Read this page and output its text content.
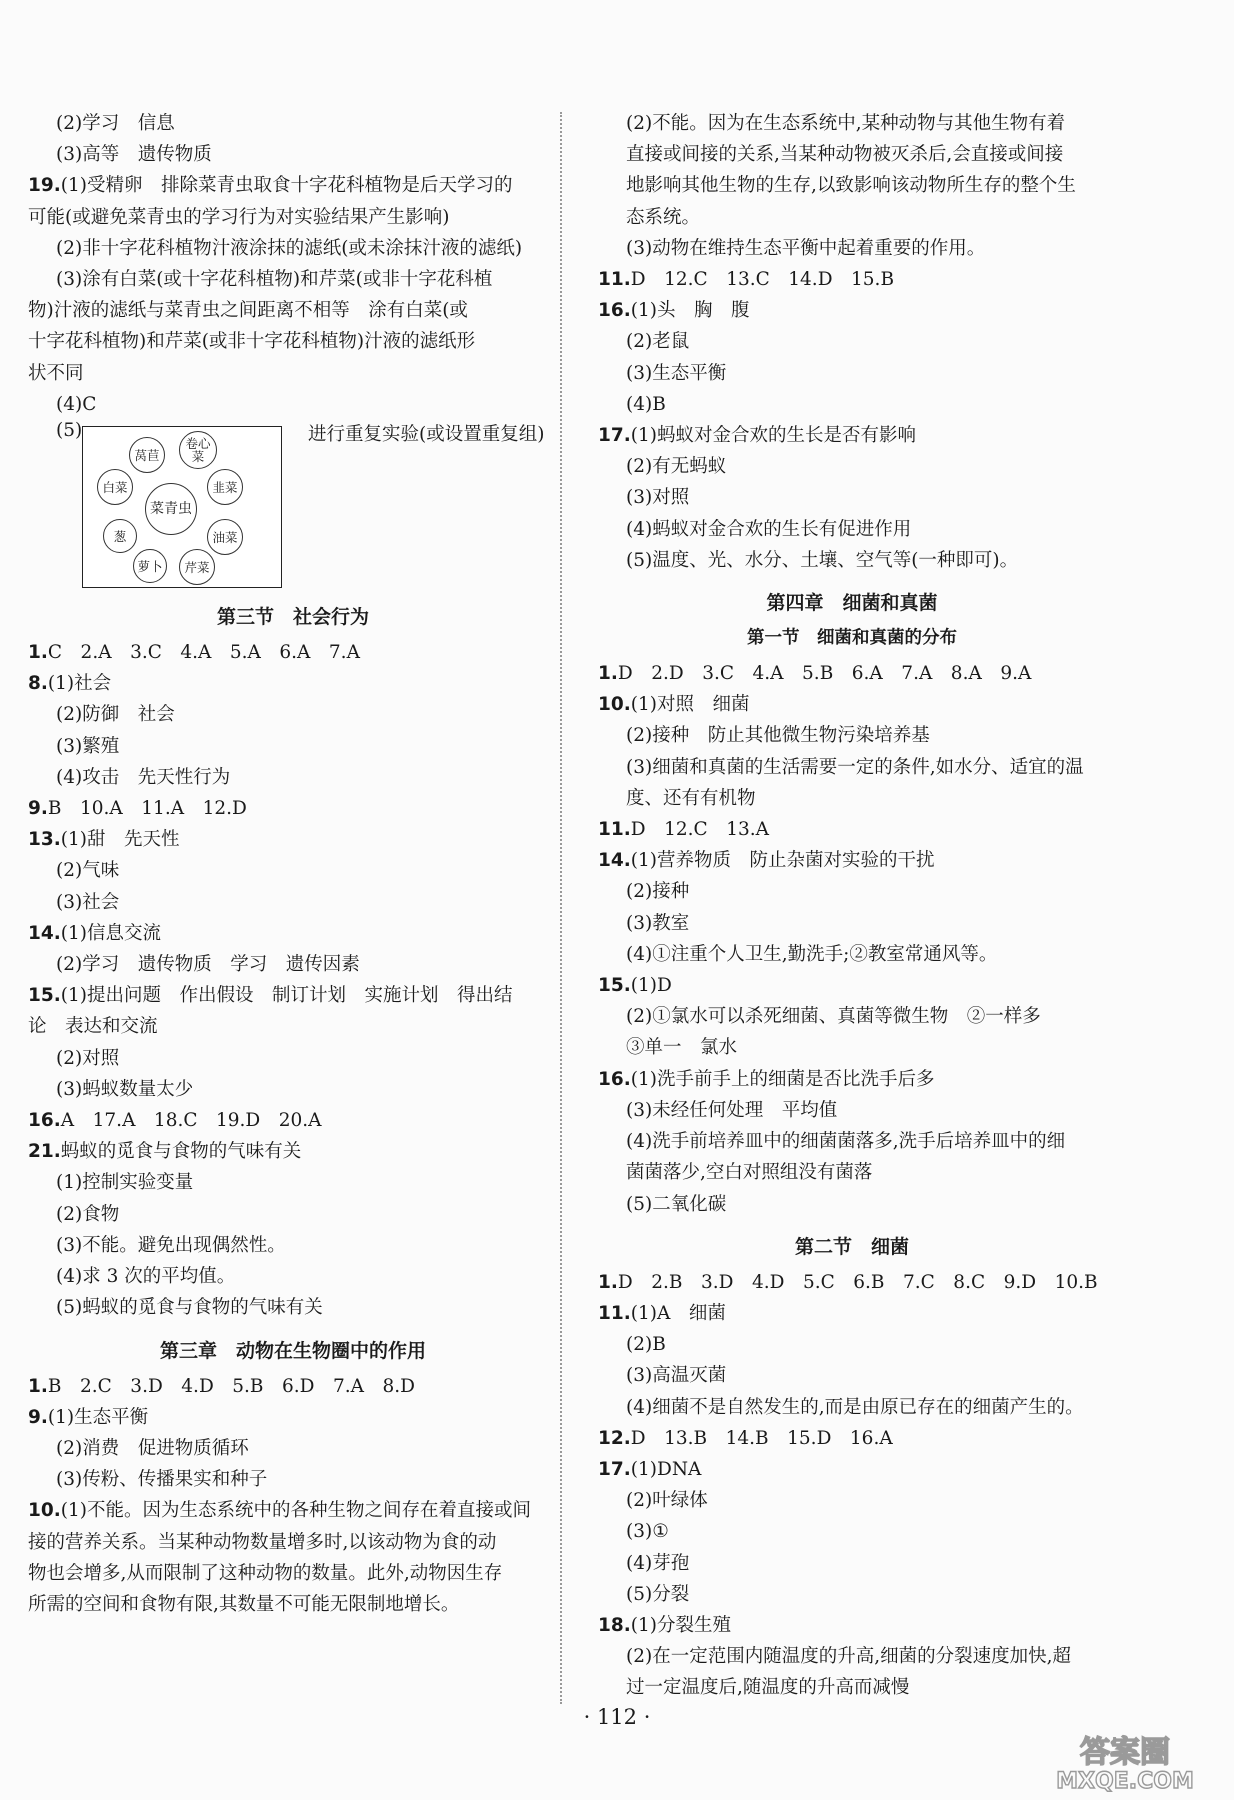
(2)学习　信息
(3)高等　遗传物质
19.(1)受精卵　排除菜青虫取食十字花科植物是后天学习的
可能(或避免菜青虫的学习行为对实验结果产生影响)
(2)非十字花科植物汁液涂抹的滤纸(或未涂抹汁液的滤纸)
(3)涂有白菜(或十字花科植物)和芹菜(或非十字花科植
物)汁液的滤纸与菜青虫之间距离不相等　涂有白菜(或
十字花科植物)和芹菜(或非十字花科植物)汁液的滤纸形
状不同
(4)C
(5)
菜青虫
莴苣
卷心菜
白菜	韭菜
葱	油菜
萝卜	芹菜
进行重复实验(或设置重复组)
第三节　社会行为
1.C　2.A　3.C　4.A　5.A　6.A　7.A
8.(1)社会
(2)防御　社会
(3)繁殖
(4)攻击　先天性行为
9.B　10.A　11.A　12.D
13.(1)甜　先天性
(2)气味
(3)社会
14.(1)信息交流
(2)学习　遗传物质　学习　遗传因素
15.(1)提出问题　作出假设　制订计划　实施计划　得出结
论　表达和交流
(2)对照
(3)蚂蚁数量太少
16.A　17.A　18.C　19.D　20.A
21.蚂蚁的觅食与食物的气味有关
(1)控制实验变量
(2)食物
(3)不能。避免出现偶然性。
(4)求 3 次的平均值。
(5)蚂蚁的觅食与食物的气味有关
第三章　动物在生物圈中的作用
1.B　2.C　3.D　4.D　5.B　6.D　7.A　8.D
9.(1)生态平衡
(2)消费　促进物质循环
(3)传粉、传播果实和种子
10.(1)不能。因为生态系统中的各种生物之间存在着直接或间
接的营养关系。当某种动物数量增多时,以该动物为食的动
物也会增多,从而限制了这种动物的数量。此外,动物因生存
所需的空间和食物有限,其数量不可能无限制地增长。
(2)不能。因为在生态系统中,某种动物与其他生物有着
直接或间接的关系,当某种动物被灭杀后,会直接或间接
地影响其他生物的生存,以致影响该动物所生存的整个生
态系统。
(3)动物在维持生态平衡中起着重要的作用。
11.D　12.C　13.C　14.D　15.B
16.(1)头　胸　腹
(2)老鼠
(3)生态平衡
(4)B
17.(1)蚂蚁对金合欢的生长是否有影响
(2)有无蚂蚁
(3)对照
(4)蚂蚁对金合欢的生长有促进作用
(5)温度、光、水分、土壤、空气等(一种即可)。
第四章　细菌和真菌
第一节　细菌和真菌的分布
1.D　2.D　3.C　4.A　5.B　6.A　7.A　8.A　9.A
10.(1)对照　细菌
(2)接种　防止其他微生物污染培养基
(3)细菌和真菌的生活需要一定的条件,如水分、适宜的温
度、还有有机物
11.D　12.C　13.A
14.(1)营养物质　防止杂菌对实验的干扰
(2)接种
(3)教室
(4)①注重个人卫生,勤洗手;②教室常通风等。
15.(1)D
(2)①氯水可以杀死细菌、真菌等微生物　②一样多
③单一　氯水
16.(1)洗手前手上的细菌是否比洗手后多
(3)未经任何处理　平均值
(4)洗手前培养皿中的细菌菌落多,洗手后培养皿中的细
菌菌落少,空白对照组没有菌落
(5)二氧化碳
第二节　细菌
1.D　2.B　3.D　4.D　5.C　6.B　7.C　8.C　9.D　10.B
11.(1)A　细菌
(2)B
(3)高温灭菌
(4)细菌不是自然发生的,而是由原已存在的细菌产生的。
12.D　13.B　14.B　15.D　16.A
17.(1)DNA
(2)叶绿体
(3)①
(4)芽孢
(5)分裂
18.(1)分裂生殖
(2)在一定范围内随温度的升高,细菌的分裂速度加快,超
过一定温度后,随温度的升高而减慢
· 112 ·
答案圈
MXQE.COM
